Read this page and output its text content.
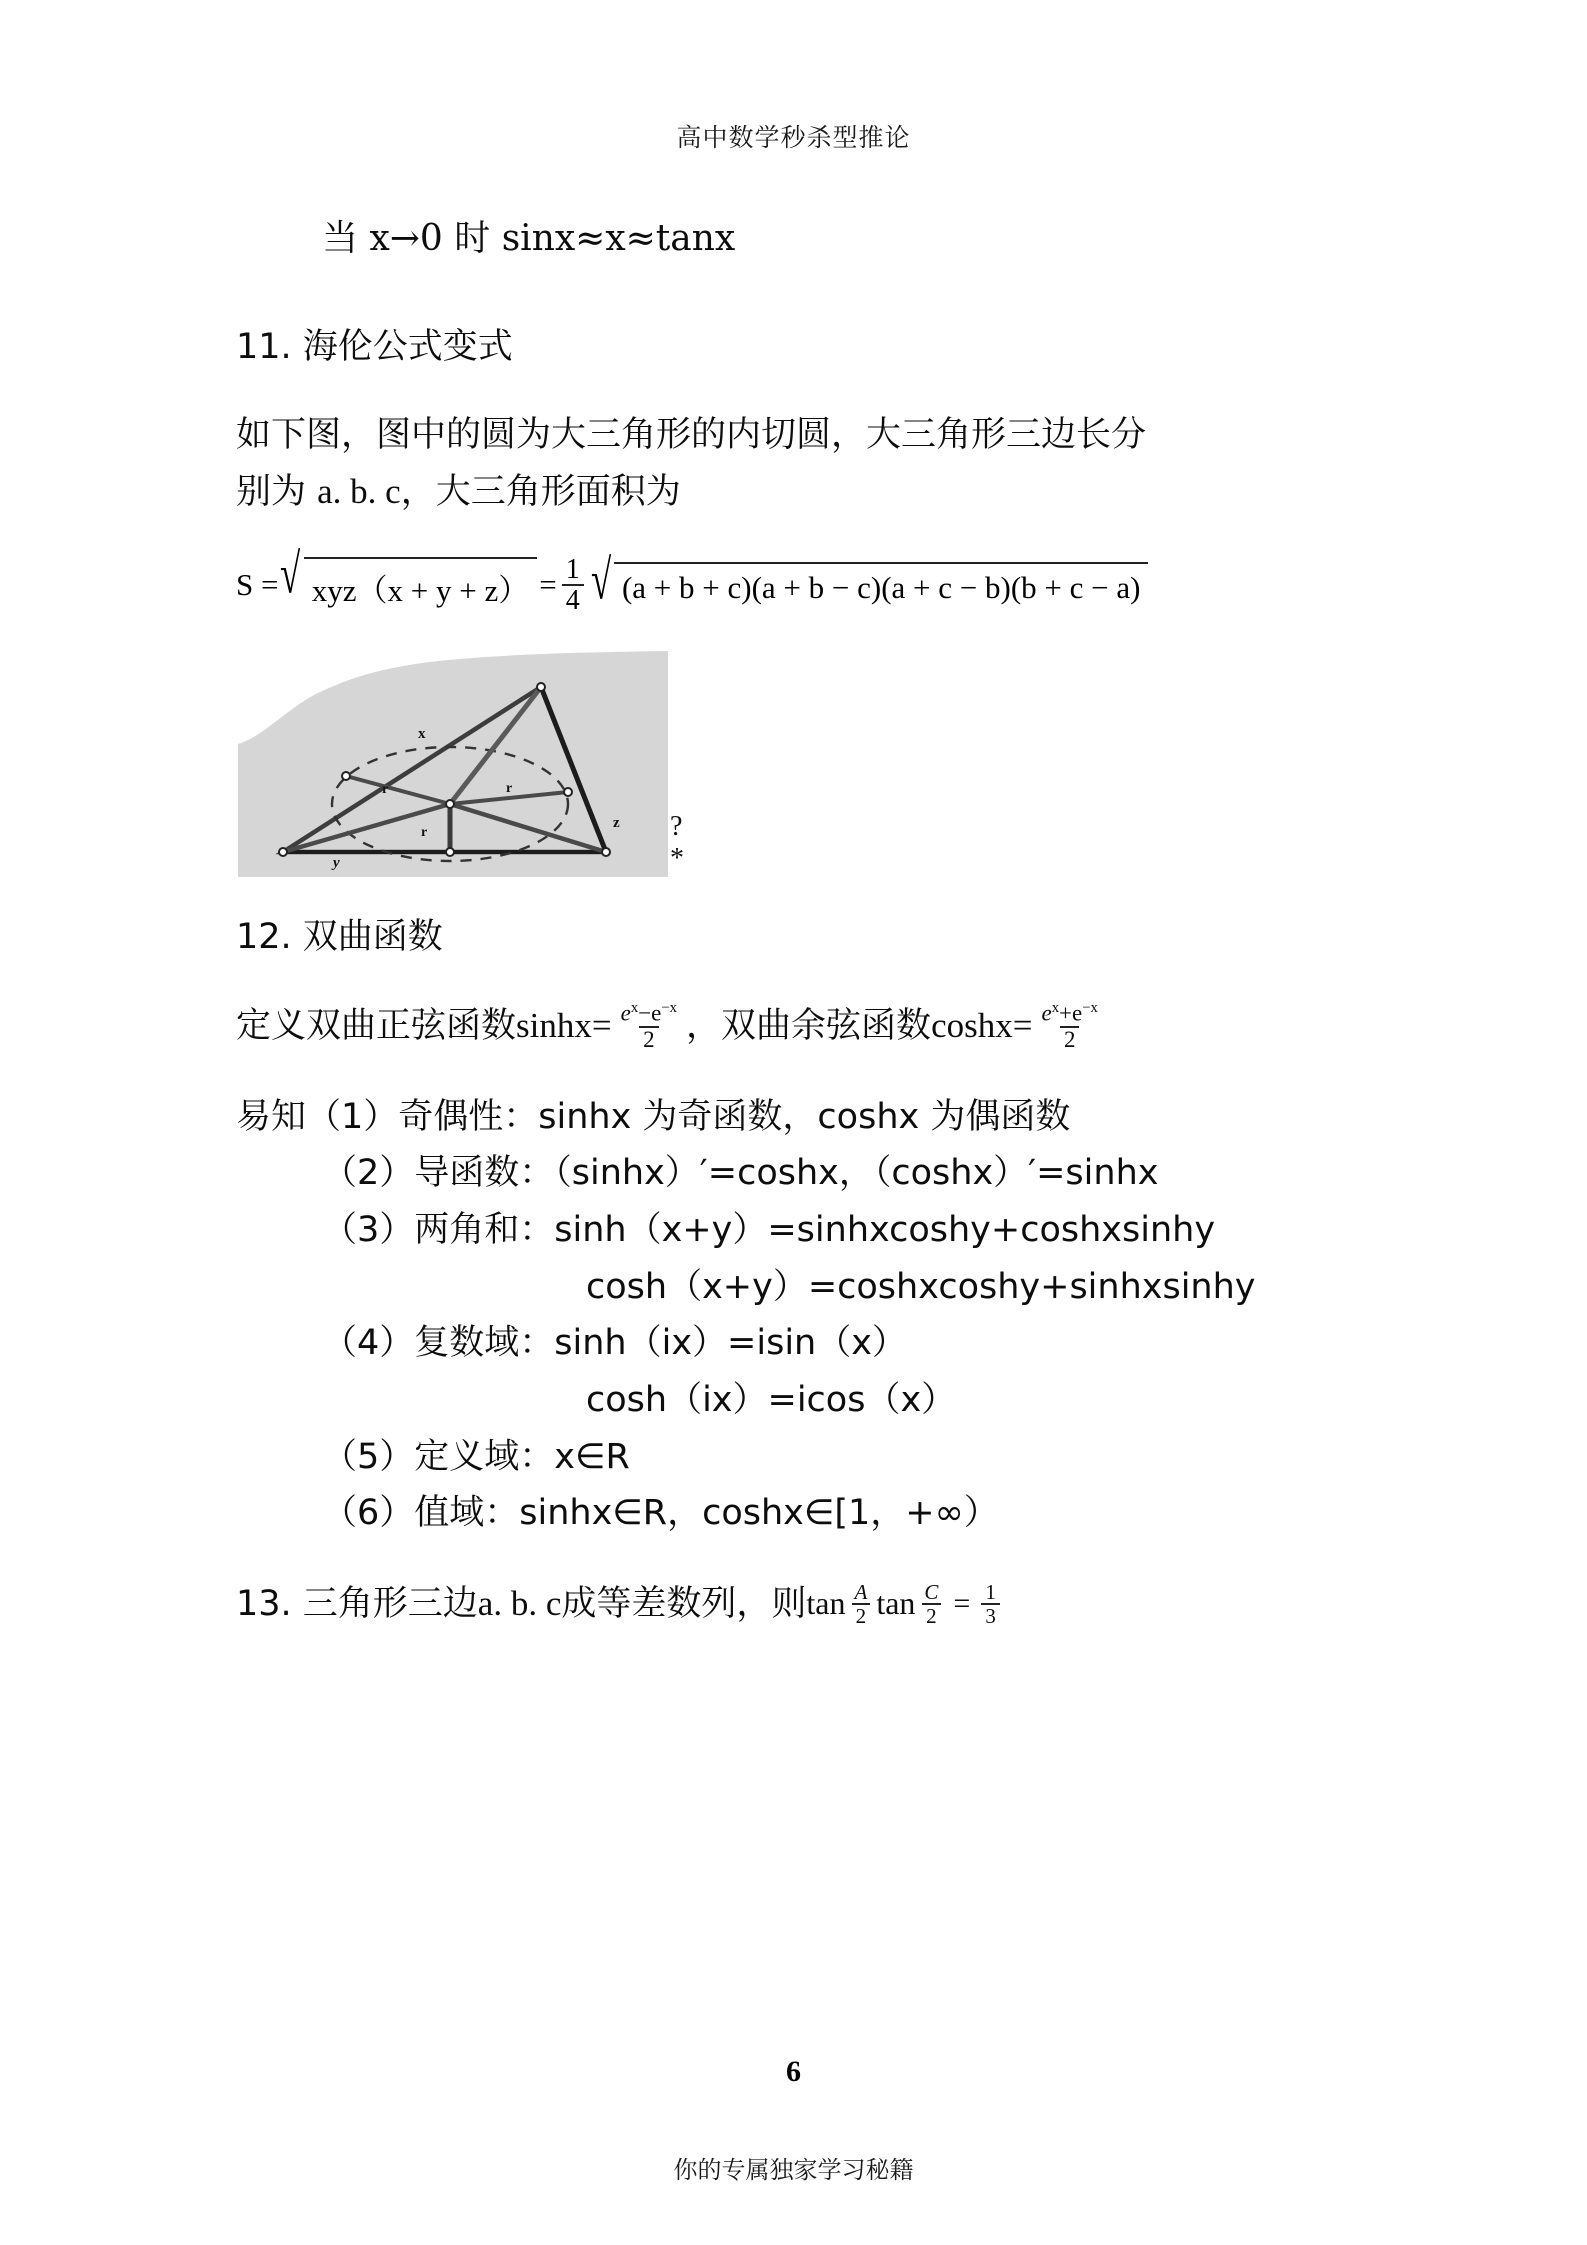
高中数学秒杀型推论
当 x→0 时 sinx≈x≈tanx
11. 海伦公式变式
如下图，图中的圆为大三角形的内切圆，大三角形三边长分
别为 a. b. c，大三角形面积为
S = √ $xyz(x + y + z) = \frac{1}{4}$ √ (a + b + c)(a + b − c)(a + c − b)(b + c − a)
x
y
z
r	r
r	?*
12. 双曲函数
定义双曲正弦函数 $\sinh x= \frac{e^x-e^{-x}}{2}$ ，双曲余弦函数 $\cosh x= \frac{e^x+e^{-x}}{2}$
易知（1）奇偶性：sinhx 为奇函数，coshx 为偶函数
（2）导函数：（sinhx）′=coshx，（coshx）′=sinhx
（3）两角和：sinh（x+y）=sinhxcoshy+coshxsinhy
cosh（x+y）=coshxcoshy+sinhxsinhy
（4）复数域：sinh（ix）=isin（x）
cosh（ix）=icos（x）
（5）定义域：x∈R
（6）值域：sinhx∈R，coshx∈[1，+∞）
13. 三角形三边 a. b. c 成等差数列，则 $\tan \frac{A}{2}$ $\tan \frac{C}{2} = \frac{1}{3}$
6
你的专属独家学习秘籍
